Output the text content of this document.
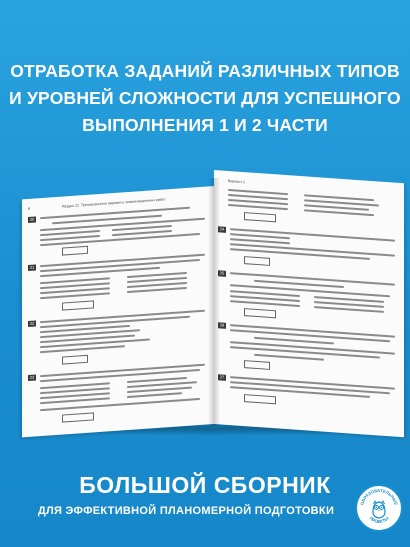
ОТРАБОТКА ЗАДАНИЙ РАЗЛИЧНЫХ ТИПОВ
И УРОВНЕЙ СЛОЖНОСТИ ДЛЯ УСПЕШНОГО
ВЫПОЛНЕНИЯ 1 И 2 ЧАСТИ
8
Раздел 22. Тренировочные варианты экзаменационных работ
20
21
22
23
Вариант 1
24
25
26
27
БОЛЬШОЙ СБОРНИК
ДЛЯ ЭФФЕКТИВНОЙ ПЛАНОМЕРНОЙ ПОДГОТОВКИ
ОБРАЗОВАТЕЛЬНЫЕ
ПРОЕКТЫ
